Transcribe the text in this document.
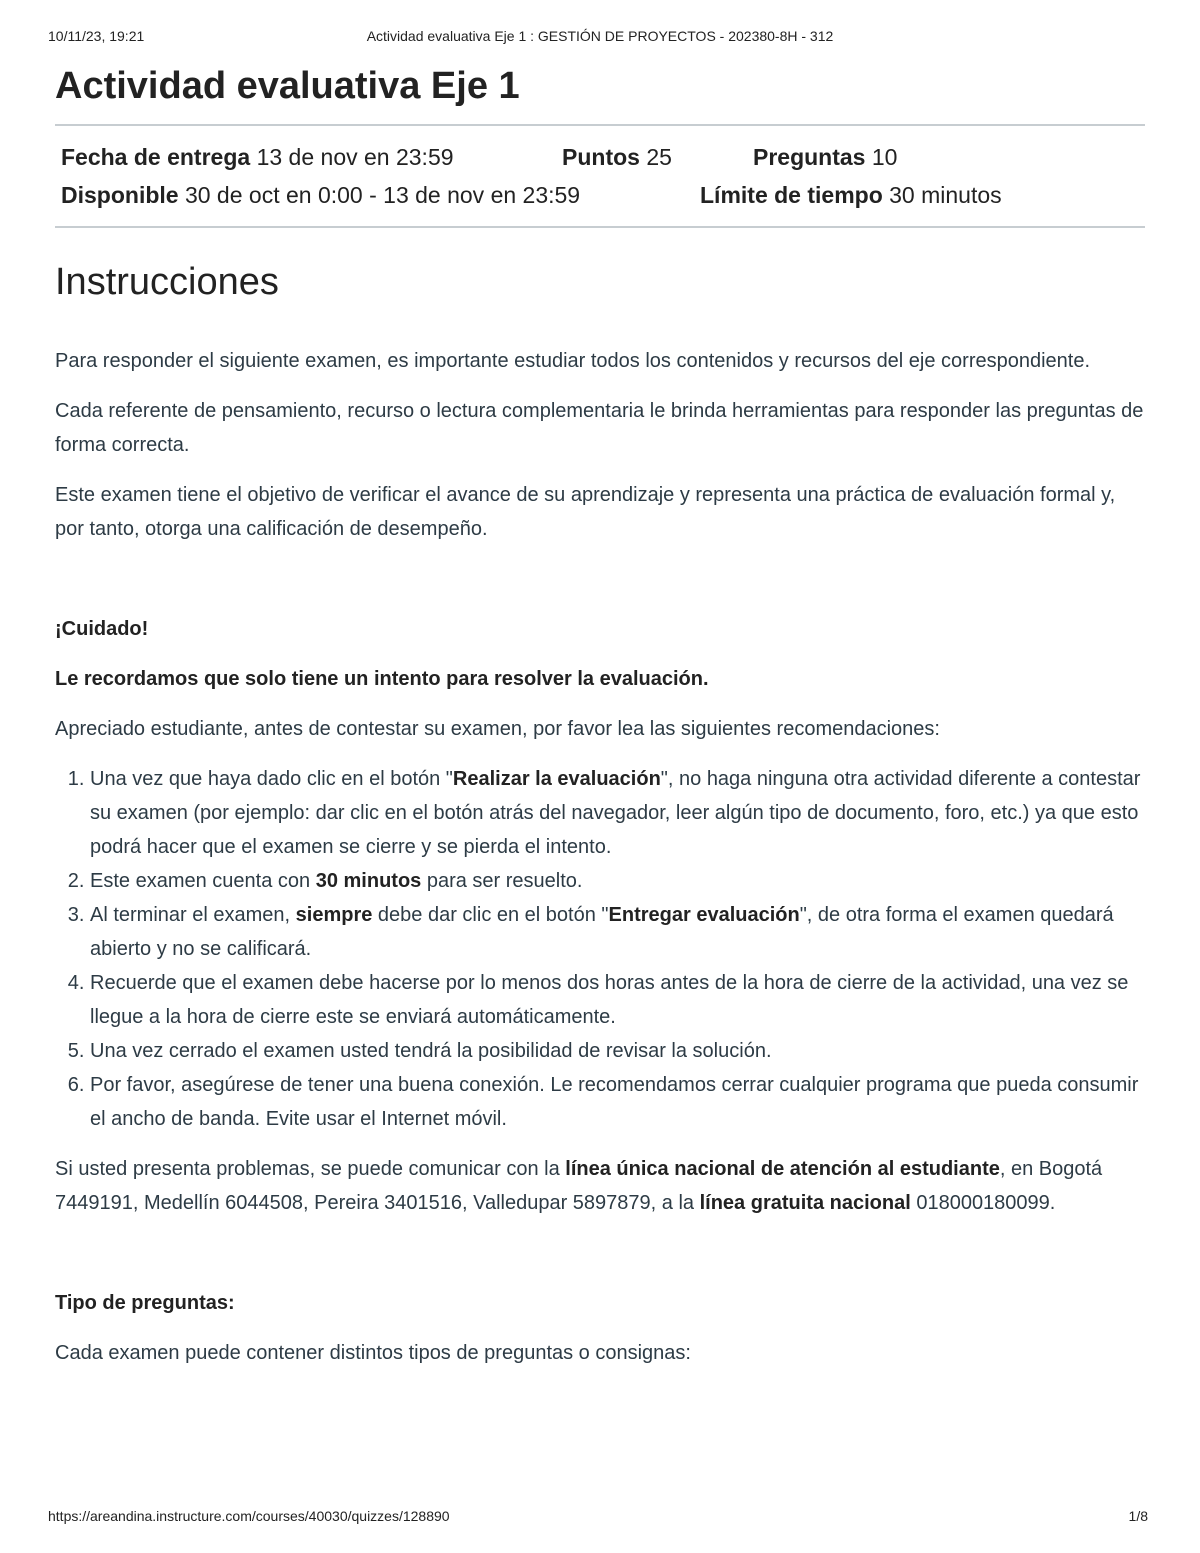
10/11/23, 19:21	Actividad evaluativa Eje 1 : GESTIÓN DE PROYECTOS - 202380-8H - 312
Actividad evaluativa Eje 1
Fecha de entrega 13 de nov en 23:59	Puntos 25	Preguntas 10
Disponible 30 de oct en 0:00 - 13 de nov en 23:59	Límite de tiempo 30 minutos
Instrucciones

Para responder el siguiente examen, es importante estudiar todos los contenidos y recursos del eje correspondiente.

Cada referente de pensamiento, recurso o lectura complementaria le brinda herramientas para responder las preguntas de forma correcta.

Este examen tiene el objetivo de verificar el avance de su aprendizaje y representa una práctica de evaluación formal y, por tanto, otorga una calificación de desempeño.

¡Cuidado!

Le recordamos que solo tiene un intento para resolver la evaluación.

Apreciado estudiante, antes de contestar su examen, por favor lea las siguientes recomendaciones:

1. Una vez que haya dado clic en el botón "Realizar la evaluación", no haga ninguna otra actividad diferente a contestar su examen (por ejemplo: dar clic en el botón atrás del navegador, leer algún tipo de documento, foro, etc.) ya que esto podrá hacer que el examen se cierre y se pierda el intento.
2. Este examen cuenta con 30 minutos para ser resuelto.
3. Al terminar el examen, siempre debe dar clic en el botón "Entregar evaluación", de otra forma el examen quedará abierto y no se calificará.
4. Recuerde que el examen debe hacerse por lo menos dos horas antes de la hora de cierre de la actividad, una vez se llegue a la hora de cierre este se enviará automáticamente.
5. Una vez cerrado el examen usted tendrá la posibilidad de revisar la solución.
6. Por favor, asegúrese de tener una buena conexión. Le recomendamos cerrar cualquier programa que pueda consumir el ancho de banda. Evite usar el Internet móvil.

Si usted presenta problemas, se puede comunicar con la línea única nacional de atención al estudiante, en Bogotá 7449191, Medellín 6044508, Pereira 3401516, Valledupar 5897879, a la línea gratuita nacional 018000180099.

Tipo de preguntas:

Cada examen puede contener distintos tipos de preguntas o consignas:

https://areandina.instructure.com/courses/40030/quizzes/128890	1/8
